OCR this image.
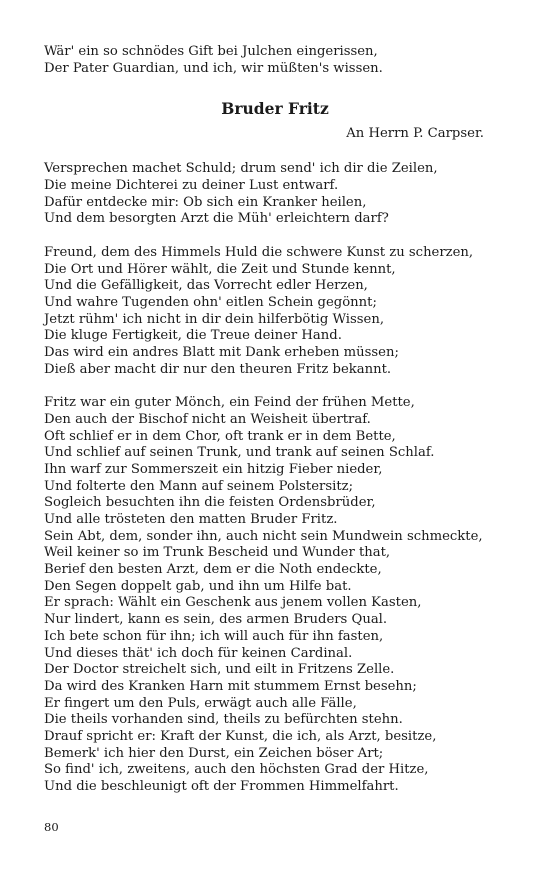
Wär' ein so schnödes Gift bei Julchen eingerissen,
Der Pater Guardian, und ich, wir müßten's wissen.
Bruder Fritz
An Herrn P. Carpser.
Versprechen machet Schuld; drum send' ich dir die Zeilen,
Die meine Dichterei zu deiner Lust entwarf.
Dafür entdecke mir: Ob sich ein Kranker heilen,
Und dem besorgten Arzt die Müh' erleichtern darf?
Freund, dem des Himmels Huld die schwere Kunst zu scherzen,
Die Ort und Hörer wählt, die Zeit und Stunde kennt,
Und die Gefälligkeit, das Vorrecht edler Herzen,
Und wahre Tugenden ohn' eitlen Schein gegönnt;
Jetzt rühm' ich nicht in dir dein hilferbötig Wissen,
Die kluge Fertigkeit, die Treue deiner Hand.
Das wird ein andres Blatt mit Dank erheben müssen;
Dieß aber macht dir nur den theuren Fritz bekannt.
Fritz war ein guter Mönch, ein Feind der frühen Mette,
Den auch der Bischof nicht an Weisheit übertraf.
Oft schlief er in dem Chor, oft trank er in dem Bette,
Und schlief auf seinen Trunk, und trank auf seinen Schlaf.
Ihn warf zur Sommerszeit ein hitzig Fieber nieder,
Und folterte den Mann auf seinem Polstersitz;
Sogleich besuchten ihn die feisten Ordensbrüder,
Und alle trösteten den matten Bruder Fritz.
Sein Abt, dem, sonder ihn, auch nicht sein Mundwein schmeckte,
Weil keiner so im Trunk Bescheid und Wunder that,
Berief den besten Arzt, dem er die Noth endeckte,
Den Segen doppelt gab, und ihn um Hilfe bat.
Er sprach: Wählt ein Geschenk aus jenem vollen Kasten,
Nur lindert, kann es sein, des armen Bruders Qual.
Ich bete schon für ihn; ich will auch für ihn fasten,
Und dieses thät' ich doch für keinen Cardinal.
Der Doctor streichelt sich, und eilt in Fritzens Zelle.
Da wird des Kranken Harn mit stummem Ernst besehn;
Er fingert um den Puls, erwägt auch alle Fälle,
Die theils vorhanden sind, theils zu befürchten stehn.
Drauf spricht er: Kraft der Kunst, die ich, als Arzt, besitze,
Bemerk' ich hier den Durst, ein Zeichen böser Art;
So find' ich, zweitens, auch den höchsten Grad der Hitze,
Und die beschleunigt oft der Frommen Himmelfahrt.
80
